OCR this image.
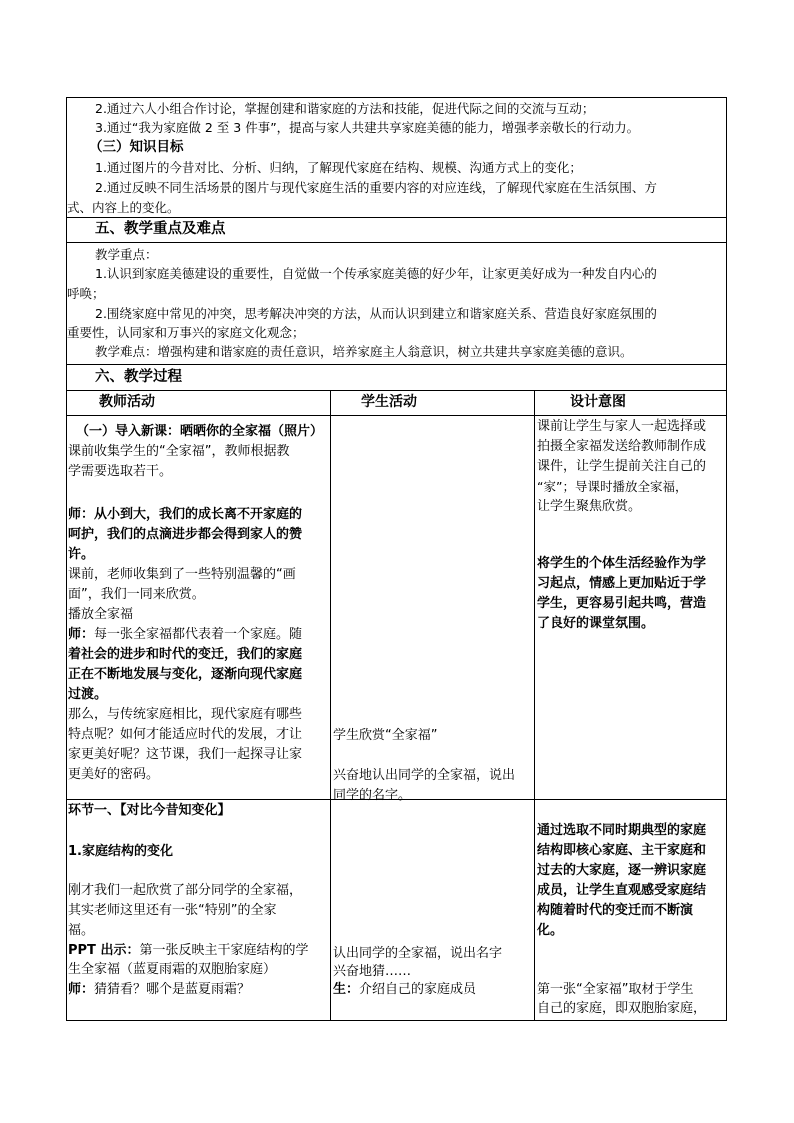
2.通过六人小组合作讨论，掌握创建和谐家庭的方法和技能，促进代际之间的交流与互动；
3.通过“我为家庭做 2 至 3 件事”，提高与家人共建共享家庭美德的能力，增强孝亲敬长的行动力。
（三）知识目标
1.通过图片的今昔对比、分析、归纳，了解现代家庭在结构、规模、沟通方式上的变化；
2.通过反映不同生活场景的图片与现代家庭生活的重要内容的对应连线，了解现代家庭在生活氛围、方
式、内容上的变化。
五、教学重点及难点
教学重点：
1.认识到家庭美德建设的重要性，自觉做一个传承家庭美德的好少年，让家更美好成为一种发自内心的
呼唤；
2.围绕家庭中常见的冲突，思考解决冲突的方法，从而认识到建立和谐家庭关系、营造良好家庭氛围的
重要性，认同家和万事兴的家庭文化观念；
教学难点：增强构建和谐家庭的责任意识，培养家庭主人翁意识，树立共建共享家庭美德的意识。
六、教学过程
教师活动	学生活动	设计意图
（一）导入新课：晒晒你的全家福（照片）
课前收集学生的“全家福”，教师根据教
学需要选取若干。
师：从小到大，我们的成长离不开家庭的
呵护，我们的点滴进步都会得到家人的赞
许。
课前，老师收集到了一些特别温馨的“画
面”，我们一同来欣赏。
播放全家福
师：每一张全家福都代表着一个家庭。随
着社会的进步和时代的变迁，我们的家庭
正在不断地发展与变化，逐渐向现代家庭
过渡。
那么，与传统家庭相比，现代家庭有哪些
特点呢？如何才能适应时代的发展，才让
家更美好呢？这节课，我们一起探寻让家
更美好的密码。
学生欣赏“全家福”
兴奋地认出同学的全家福，说出
同学的名字。
课前让学生与家人一起选择或
拍摄全家福发送给教师制作成
课件，让学生提前关注自己的
“家”；导课时播放全家福，
让学生聚焦欣赏。
将学生的个体生活经验作为学
习起点，情感上更加贴近于学
学生，更容易引起共鸣，营造
了良好的课堂氛围。
环节一、【对比今昔知变化】
1.家庭结构的变化
刚才我们一起欣赏了部分同学的全家福，
其实老师这里还有一张“特别”的全家
福。
PPT 出示：第一张反映主干家庭结构的学
生全家福（蓝夏雨霜的双胞胎家庭）
师：猜猜看？哪个是蓝夏雨霜？
认出同学的全家福，说出名字
兴奋地猜……
生：介绍自己的家庭成员
通过选取不同时期典型的家庭
结构即核心家庭、主干家庭和
过去的大家庭，逐一辨识家庭
成员，让学生直观感受家庭结
构随着时代的变迁而不断演
化。
第一张“全家福”取材于学生
自己的家庭，即双胞胎家庭，
